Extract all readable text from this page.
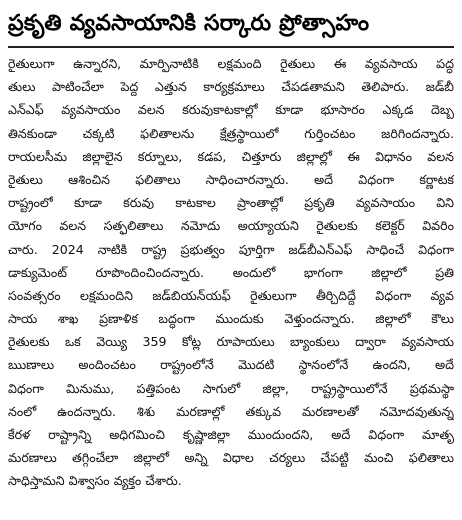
ప్రకృతి వ్యవసాయానికి సర్కారు ప్రోత్సాహం
రైతులుగా ఉన్నారని, మార్పినాటికి లక్షమంది రైతులు ఈ వ్యవసాయ పద్ధ
తులు పాటించేలా పెద్ద ఎత్తున కార్యక్రమాలు చేపడతామని తెలిపారు. జడ్‌బీ
ఎన్‌ఎఫ్‌ వ్యవసాయం వలన కరువుకాటకాల్లో కూడా భూసారం ఎక్కడ దెబ్బ
తినకుండా చక్కటి ఫలితాలను క్షేత్రస్థాయిలో గుర్తించటం జరిగిందన్నారు.
రాయలసీమ జిల్లాలైన కర్నూలు, కడప, చిత్తూరు జిల్లాల్లో ఈ విధానం వలన
రైతులు ఆశించిన ఫలితాలు సాధించారన్నారు. అదే విధంగా కర్ణాటక
రాష్ట్రంలో కూడా కరువు కాటకాల ప్రాంతాల్లో ప్రకృతి వ్యవసాయం విని
యోగం వలన సత్ఫలితాలు నమోదు అయ్యాయని రైతులకు కలెక్టర్‌ వివరిం
చారు. 2024 నాటికి రాష్ట్ర ప్రభుత్వం పూర్తిగా జడ్‌బీఎన్‌ఎఫ్‌ సాధించే విధంగా
డాక్యుమెంట్‌ రూపొందించిందన్నారు. అందులో భాగంగా జిల్లాలో ప్రతి
సంవత్సరం లక్షమందిని జడ్‌బియన్‌యఫ్‌ రైతులుగా తీర్చిదిద్దే విధంగా వ్యవ
సాయ శాఖ ప్రణాళిక బద్ధంగా ముందుకు వెళ్తుందన్నారు. జిల్లాలో కౌలు
రైతులకు ఒక వెయ్యి 359 కోట్ల రూపాయలు బ్యాంకులు ద్వారా వ్యవసాయ
ఋణాలు అందించటం రాష్ట్రంలోనే మొదటి స్థానంలోనే ఉందని, అదే
విధంగా మినుము, పత్తిపంట సాగులో జిల్లా, రాష్ట్రస్థాయిలోనే ప్రథమస్థా
నంలో ఉందన్నారు. శిశు మరణాల్లో తక్కువ మరణాలతో నమోదవుతున్న
కేరళ రాష్ట్రాన్ని అధిగమించి కృష్ణాజిల్లా ముందుందని, అదే విధంగా మాతృ
మరణాలు తగ్గించేలా జిల్లాలో అన్ని విధాల చర్యలు చేపట్టి మంచి ఫలితాలు
సాధిస్తామని విశ్వాసం వ్యక్తం చేశారు.
